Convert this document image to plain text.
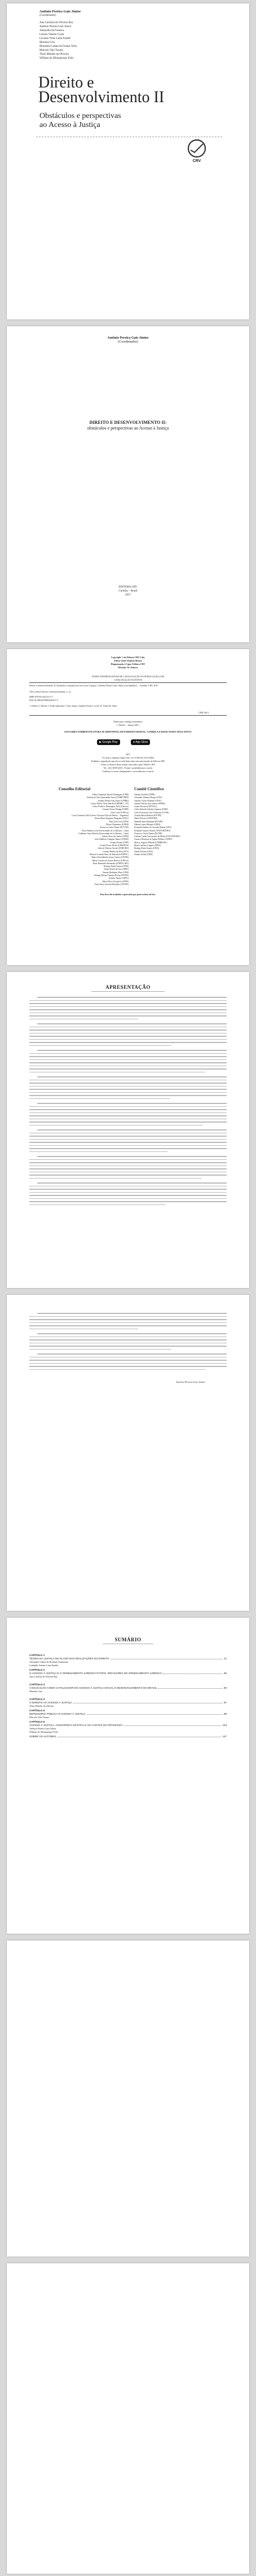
Antônio Pereira Gaio Júnior
(Coordenador)
Ana Carolina de Oliveira Ruy
Antônio Pereira Gaio Júnior
Antonella da Fonseca
Larissa Valente Costa
Luciana Veras Lima Fandré
Mariana Cruz
Mariseila Caldas de Freitas Veira
Marcelo Vale Taruno
Thais Mendes da Oliveira
William de Albuquerque Felix
Direito e
Desenvolvimento II
Obstáculos e perspectivas
ao Acesso à Justiça
CRV
Antônio Pereira Gaio Júnior
(Coordenador)
DIREITO E DESENVOLVIMENTO II:
obstáculos e perspectivas ao Acesso à Justiça
EDITORA CRV
Curitiba – Brasil
2017
Copyright © da Editora CRV Ltda.
Editor-chefe: Railson Moura
Diagramação e Capa: Editora CRV
Revisão: Os Autores
DADOS INTERNACIONAIS DE CATALOGAÇÃO NA PUBLICAÇÃO (CIP)
CATALOGAÇÃO NA FONTE
Direito e desenvolvimento II: obstáculos e perspectivas ao acesso à justiça / Antônio Pereira Gaio Júnior (coordenador). – Curitiba: CRV, 2017.
150 p. (Série Direito e desenvolvimento, v. 2)
ISBN 978-85-444-2317-3
DOI 10.24824/978854442317.3
1. Direito 2. Direito 3. Poder judiciário I. Gaio Junior, Antônio Pereira. coord. II. Título III. Série.
CDD 340.1
Índice para catálogo sistemático
1. Direito – Justiça 340.1
ESTA OBRA TAMBÉM ENCONTRA-SE DISPONÍVEL EM FORMATO DIGITAL. CONHEÇA E BAIXE NOSSO APLICATIVO!
▶ Google Play	● App Store
2017
Foi feito o depósito legal conf. Lei 10.994 de 14/12/2004
Proibida a reprodução parcial ou total desta obra sem autorização da Editora CRV
Todos os direitos desta edição reservados pela: Editora CRV
Tel.: (41) 3039-6418 – E-mail: sac@editoracrv.com.br
Conheça os nossos lançamentos: www.editoracrv.com.br
Conselho Editorial	Comitê Científico
Aldira Guimarães Duarte Domínguez (UNB)
Andréia da Silva Quintanilha Sousa (UNIR/UFRN)
Antônio Pereira Gaio Júnior (UFRRJ)
Carlos Alberto Vilar Estêvão (UMINHO – PT)
Carlos Federico Dominguez Avila (Unieuro)
Carmen Tereza Velanga (UNIR)
Celso Conti (UFSCar)
Cesar Gerónimo Tello (Univer. Nacional Três de Febrero – Argentina)
Elione Maria Nogueira Diogenes (UFAL)
Élsio José Corá (UFFS)
Elizeu Clementino (UNEB)
Francisco Carlos Duarte (PUC-PR)
Gloria Fariñas León (Universidade de La Havana – Cuba)
Guillermo Arias Beatón (Universidade de La Havana – Cuba)
Jailson Alves dos Santos (UFRJ)
João Adalberto Campato Junior (UNESP)
Josania Portela (UFPI)
Leonel Severo Rocha (UNISINOS)
Lídia de Oliveira Xavier (UNIEURO)
Lourdes Helena da Silva (UFV)
Maria de Lourdes Pinto de Almeida (UNOESC)
Maria Lília Imbiriba Sousa Colares (UFOPA)
Maria Cristina dos Santos Bezerra (UFSCar)
Paulo Romualdo Hernandes (UNIFAL-MG)
Rodrigo Pratte-Santos (UFES)
Sérgio Nunes de Jesus (IFRO)
Simone Rodrigues Pinto (UNB)
Solange Helena Ximenes-Rocha (UFOPA)
Sydione Santos (UEPG)
Tadeu Oliver Gonçalves (UFPA)
Tania Suely Azevedo Brasileiro (UFOPA)
Adriano Koehler (UFPR)
Alexandre Walmott Borges (UFU)
Antônio Carlos Wolkmer (UFSC)
Antônio Pereira Gaio Júnior (UFRRJ)
Ariane Ferreira (UNIVALI)
Carlos Eduardo Adriano Japiassú (UERJ)
Celso Ferreira da Cruz Victoriano (TJ-PR)
Claudia Maria Barbosa (PUCPR)
Daniel Ferreira (UNINTER)
Danielle Anne Pamplona (PUCPR)
Fabiano Lepre Marques (UERJ)
Fernando Antônio de Carvalho Dantas (UFG)
Fernando Gustavo Knoerr (UNICURITIBA)
Francisco Carlos Duarte (PUCPR)
Gislaine Cunha Vasconcelos de Mello (UNICURITIBA)
Gustavo Henrique de Aguiar Pinheiro (UFRN)
Marcos Augusto Maliska (UNIBRASIL)
Maria Carolina Campos (UFBA)
Rodrigo Pratte-Santos (UFES)
Valmir Pozzetti (UEA)
Zulmar Fachin (UEM)
Este livro foi avaliado e aprovado por pareceristas ad hoc.
APRESENTAÇÃO
Antônio Pereira Gaio Júnior
SUMÁRIO
CAPÍTULO 1
TEORIA DA JUSTIÇA NO PLANO DAS REALIZAÇÕES DO DIREITO	11
Alexandre Cabral de Roubian Guimarães
Ludmilla Valente Lima Fandré
CAPÍTULO 2
O ACESSO À JUSTIÇA E O ORDENAMENTO JURÍDICO PÁTRIO. REFLEXÕES NO ORDENAMENTO JURÍDICO	39
Ana Carolina de Oliveira Ruy
CAPÍTULO 3
A EDUCAÇÃO COMO CATALISADOR DO ACESSO À JUSTIÇA SOCIAL E DESENVOLVIMENTO DO BRASIL	69
Mariana Cruz
CAPÍTULO 4
O DIREITO AO ACESSO À JUSTIÇA	87
Thais Mendes da Oliveira
CAPÍTULO 5
DEFENSORIA PÚBLICA E ACESSO À JUSTIÇA	99
Marcelo Vale Taruno
CAPÍTULO 6
ACESSO À JUSTIÇA, ASSISTÊNCIA ESTATAL E OS CUSTOS DO PROCESSO	123
Antônio Pereira Gaio Júnior
William de Albuquerque Felix
SOBRE OS AUTORES	147
